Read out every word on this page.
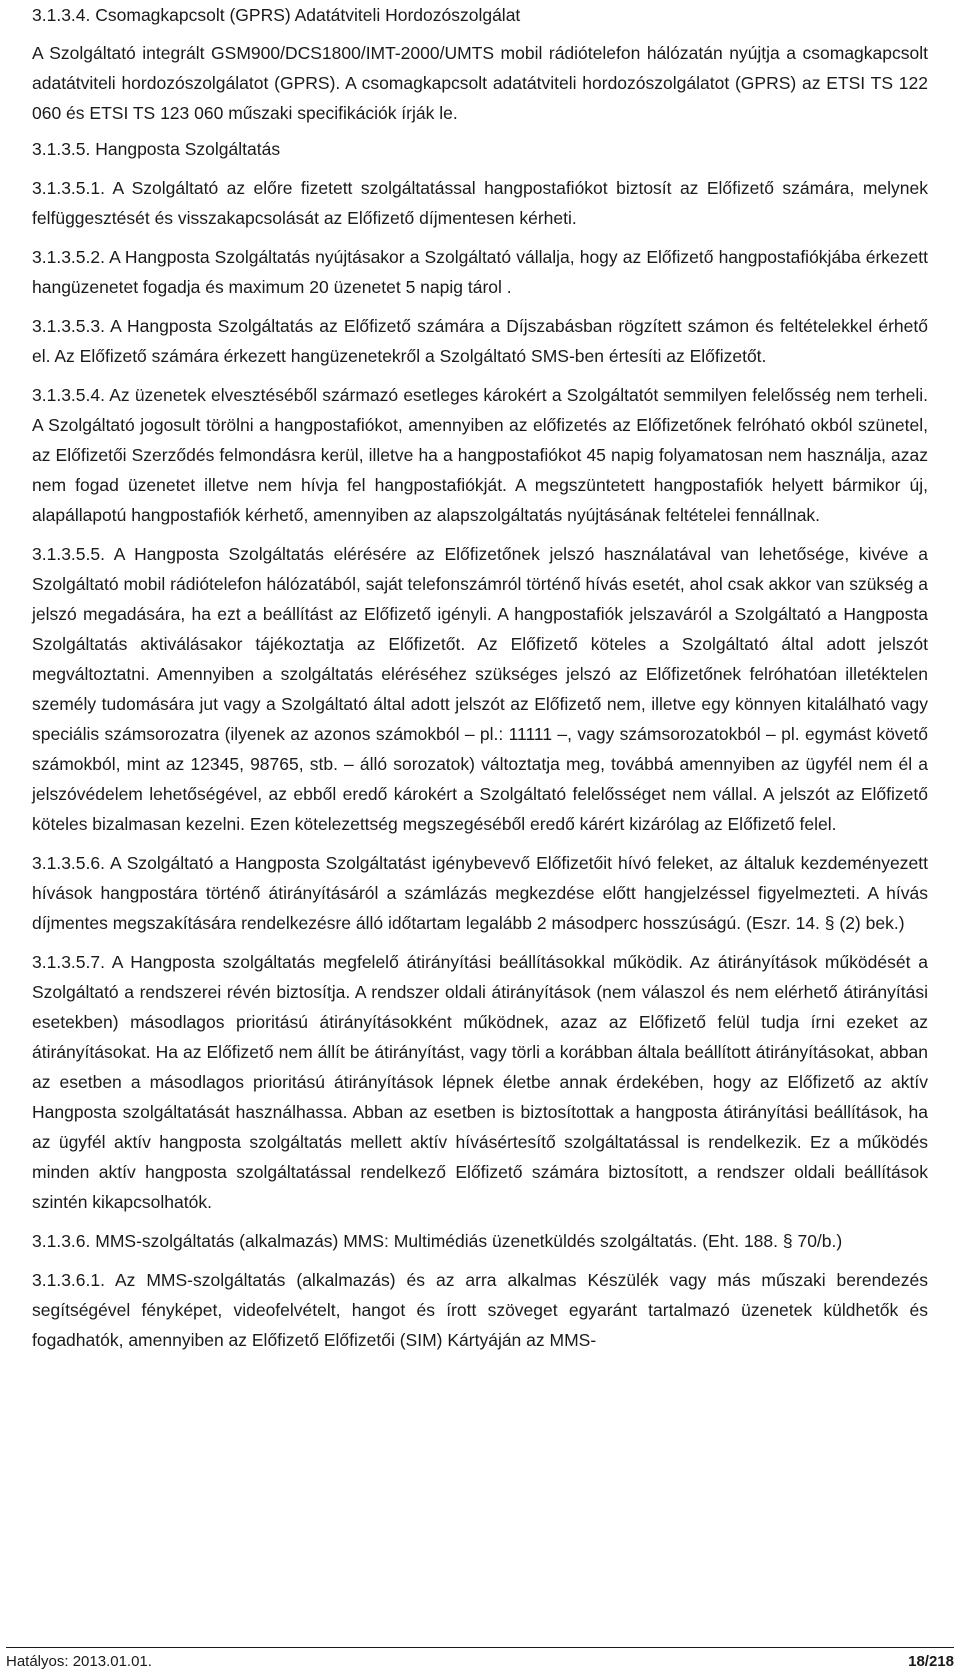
3.1.3.4. Csomagkapcsolt (GPRS) Adatátviteli Hordozószolgálat

A Szolgáltató integrált GSM900/DCS1800/IMT-2000/UMTS mobil rádiótelefon hálózatán nyújtja a csomagkapcsolt adatátviteli hordozószolgálatot (GPRS). A csomagkapcsolt adatátviteli hordozószolgálatot (GPRS) az ETSI TS 122 060 és ETSI TS 123 060 műszaki specifikációk írják le.

3.1.3.5. Hangposta Szolgáltatás

3.1.3.5.1. A Szolgáltató az előre fizetett szolgáltatással hangpostafiókot biztosít az Előfizető számára, melynek felfüggesztését és visszakapcsolását az Előfizető díjmentesen kérheti.

3.1.3.5.2. A Hangposta Szolgáltatás nyújtásakor a Szolgáltató vállalja, hogy az Előfizető hangpostafiókjába érkezett hangüzenetet fogadja és maximum 20 üzenetet 5 napig tárol .

3.1.3.5.3. A Hangposta Szolgáltatás az Előfizető számára a Díjszabásban rögzített számon és feltételekkel érhető el. Az Előfizető számára érkezett hangüzenetekről a Szolgáltató SMS-ben értesíti az Előfizetőt.

3.1.3.5.4. Az üzenetek elvesztéséből származó esetleges károkért a Szolgáltatót semmilyen felelősség nem terheli. A Szolgáltató jogosult törölni a hangpostafiókot, amennyiben az előfizetés az Előfizetőnek felróható okból szünetel, az Előfizetői Szerződés felmondásra kerül, illetve ha a hangpostafiókot 45 napig folyamatosan nem használja, azaz nem fogad üzenetet illetve nem hívja fel hangpostafiókját. A megszüntetett hangpostafiók helyett bármikor új, alapállapotú hangpostafiók kérhető, amennyiben az alapszolgáltatás nyújtásának feltételei fennállnak.

3.1.3.5.5. A Hangposta Szolgáltatás elérésére az Előfizetőnek jelszó használatával van lehetősége, kivéve a Szolgáltató mobil rádiótelefon hálózatából, saját telefonszámról történő hívás esetét, ahol csak akkor van szükség a jelszó megadására, ha ezt a beállítást az Előfizető igényli. A hangpostafiók jelszaváról a Szolgáltató a Hangposta Szolgáltatás aktiválásakor tájékoztatja az Előfizetőt. Az Előfizető köteles a Szolgáltató által adott jelszót megváltoztatni. Amennyiben a szolgáltatás eléréséhez szükséges jelszó az Előfizetőnek felróhatóan illetéktelen személy tudomására jut vagy a Szolgáltató által adott jelszót az Előfizető nem, illetve egy könnyen kitalálható vagy speciális számsorozatra (ilyenek az azonos számokból – pl.: 11111 –, vagy számsorozatokból – pl. egymást követő számokból, mint az 12345, 98765, stb. – álló sorozatok) változtatja meg, továbbá amennyiben az ügyfél nem él a jelszóvédelem lehetőségével, az ebből eredő károkért a Szolgáltató felelősséget nem vállal. A jelszót az Előfizető köteles bizalmasan kezelni. Ezen kötelezettség megszegéséből eredő kárért kizárólag az Előfizető felel.

3.1.3.5.6. A Szolgáltató a Hangposta Szolgáltatást igénybevevő Előfizetőit hívó feleket, az általuk kezdeményezett hívások hangpostára történő átirányításáról a számlázás megkezdése előtt hangjelzéssel figyelmezteti. A hívás díjmentes megszakítására rendelkezésre álló időtartam legalább 2 másodperc hosszúságú. (Eszr. 14. § (2) bek.)

3.1.3.5.7. A Hangposta szolgáltatás megfelelő átirányítási beállításokkal működik. Az átirányítások működését a Szolgáltató a rendszerei révén biztosítja. A rendszer oldali átirányítások (nem válaszol és nem elérhető átirányítási esetekben) másodlagos prioritású átirányításokként működnek, azaz az Előfizető felül tudja írni ezeket az átirányításokat. Ha az Előfizető nem állít be átirányítást, vagy törli a korábban általa beállított átirányításokat, abban az esetben a másodlagos prioritású átirányítások lépnek életbe annak érdekében, hogy az Előfizető az aktív Hangposta szolgáltatását használhassa. Abban az esetben is biztosítottak a hangposta átirányítási beállítások, ha az ügyfél aktív hangposta szolgáltatás mellett aktív hívásértesítő szolgáltatással is rendelkezik. Ez a működés minden aktív hangposta szolgáltatással rendelkező Előfizető számára biztosított, a rendszer oldali beállítások szintén kikapcsolhatók.

3.1.3.6. MMS-szolgáltatás (alkalmazás) MMS: Multimédiás üzenetküldés szolgáltatás. (Eht. 188. § 70/b.)

3.1.3.6.1. Az MMS-szolgáltatás (alkalmazás) és az arra alkalmas Készülék vagy más műszaki berendezés segítségével fényképet, videofelvételt, hangot és írott szöveget egyaránt tartalmazó üzenetek küldhetők és fogadhatók, amennyiben az Előfizető Előfizetői (SIM) Kártyáján az MMS-

Hatályos: 2013.01.01.	18/218
